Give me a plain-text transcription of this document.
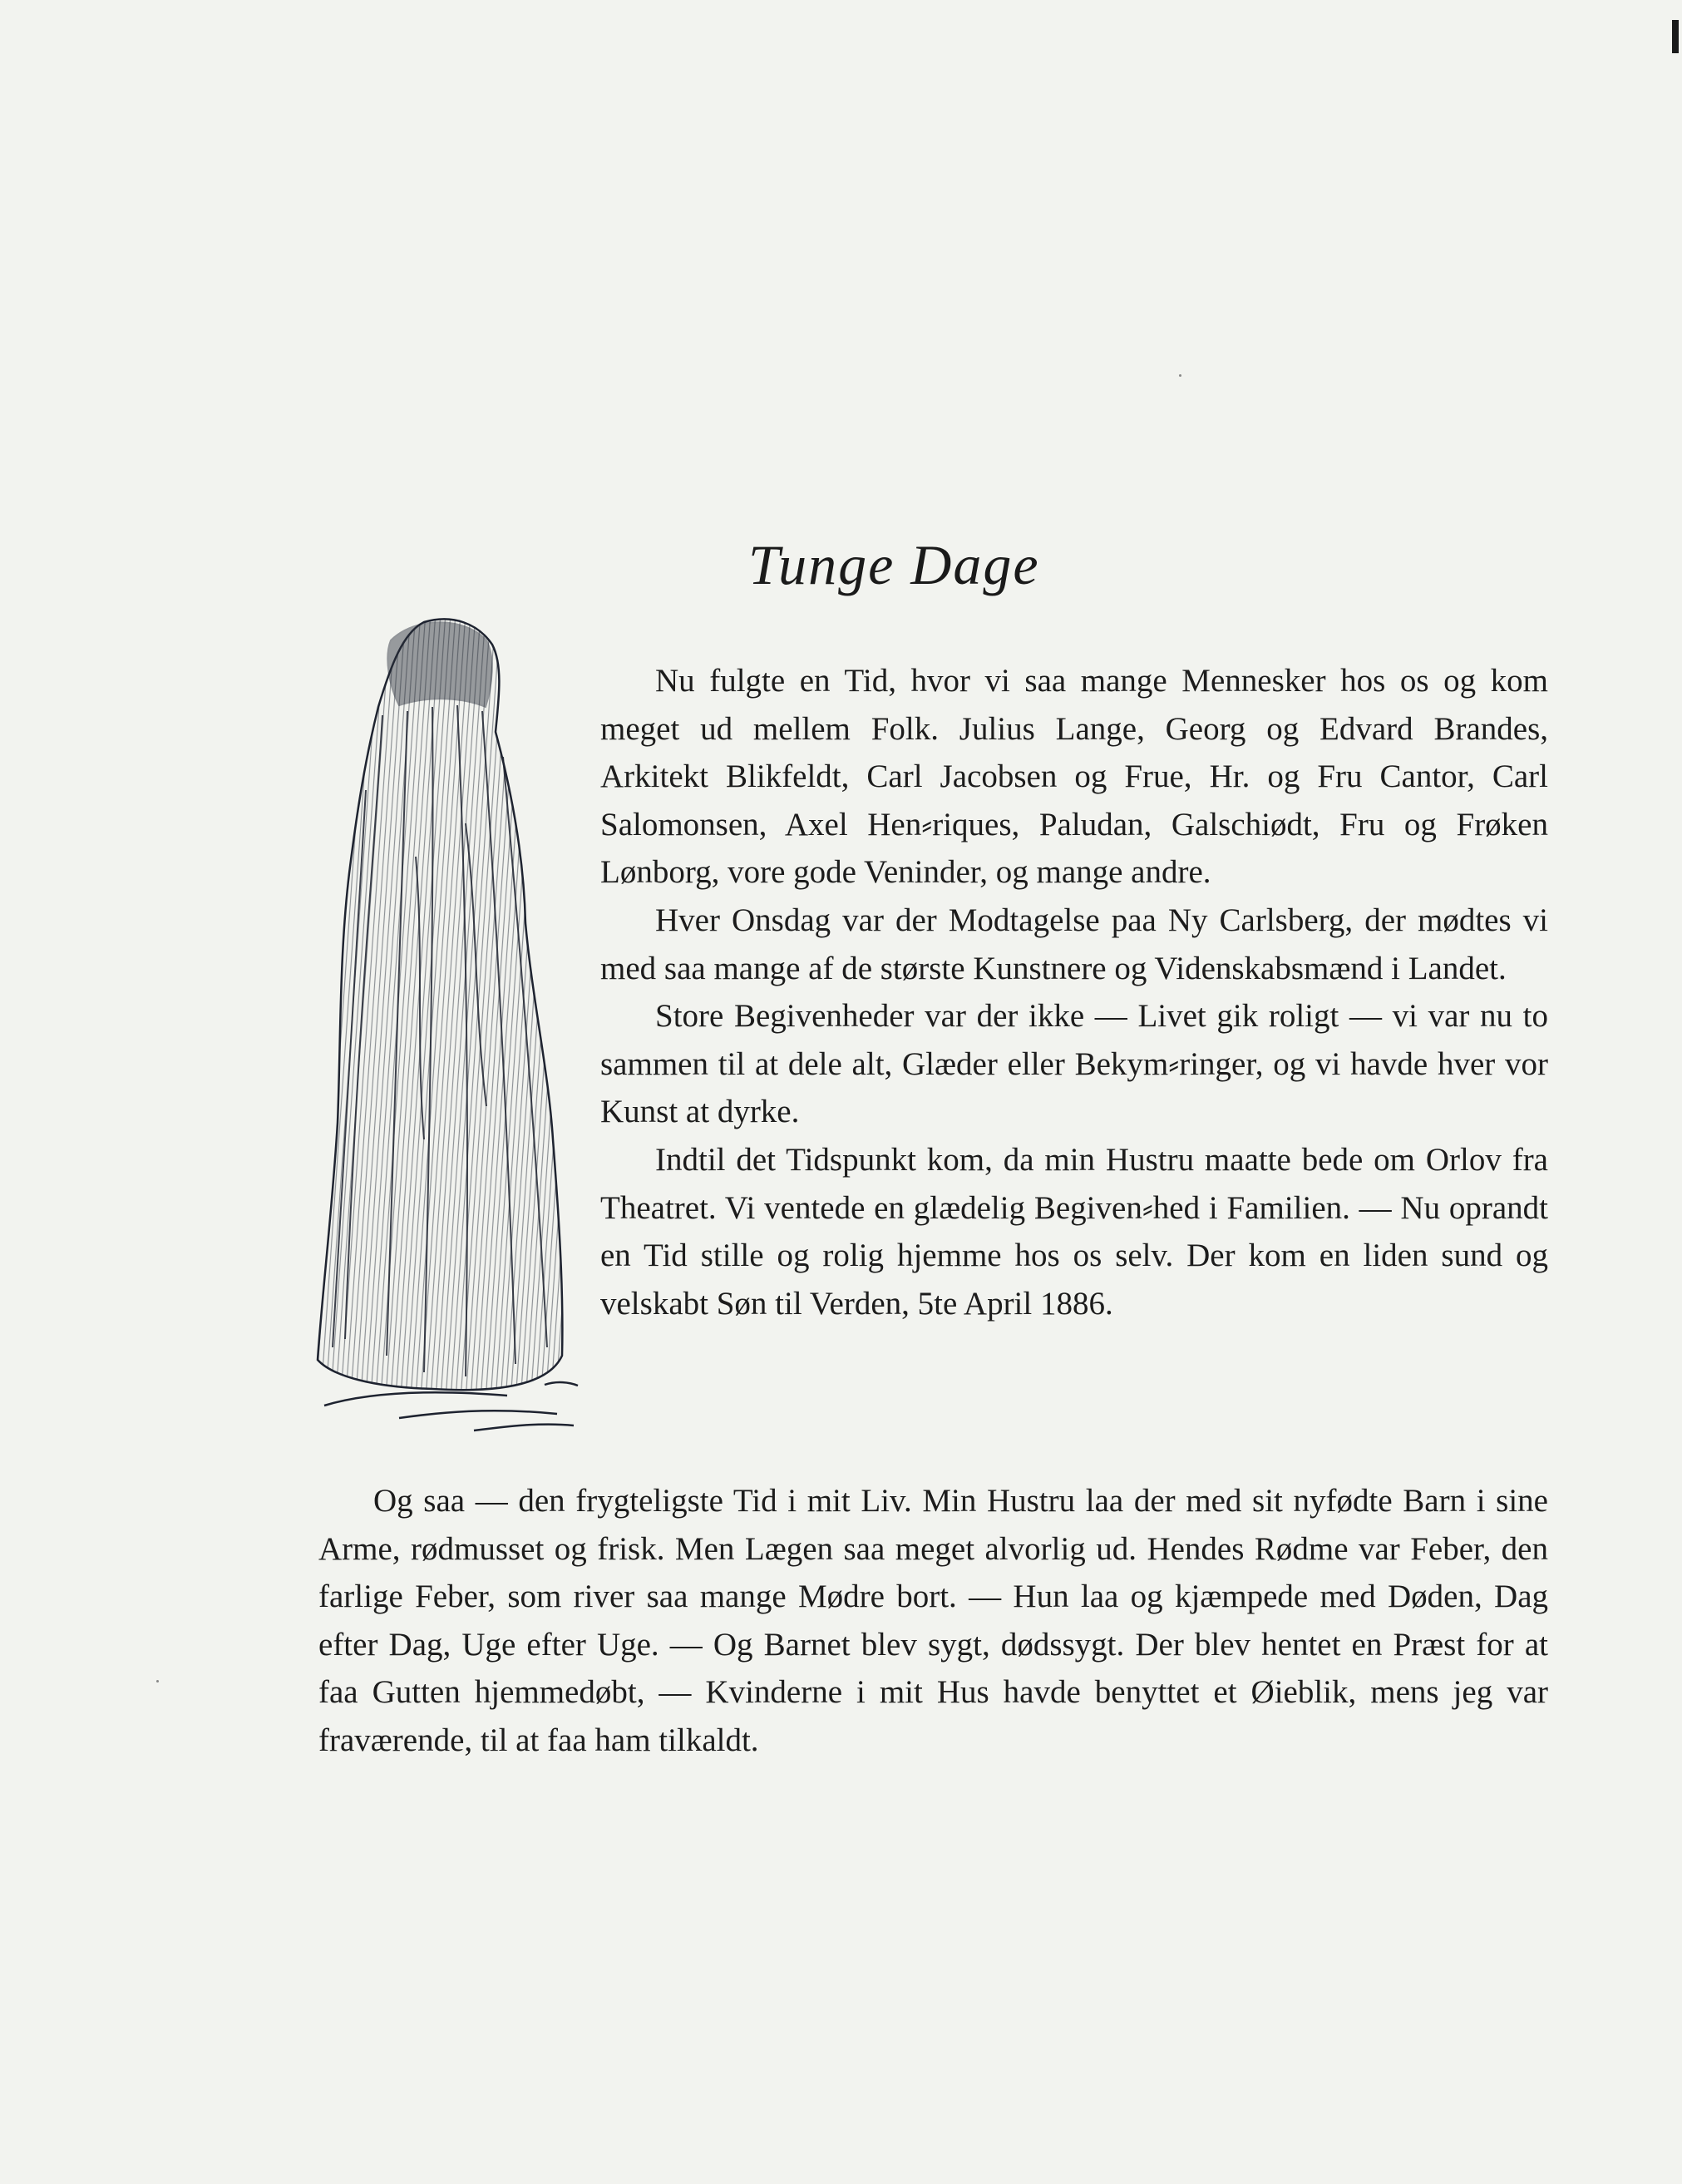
Tunge Dage

Nu fulgte en Tid, hvor vi saa mange Mennesker hos os og kom meget ud mellem Folk. Julius Lange, Georg og Edvard Brandes, Arkitekt Blikfeldt, Carl Jacobsen og Frue, Hr. og Fru Cantor, Carl Salomonsen, Axel Hen⸗riques, Paludan, Galschiødt, Fru og Frøken Lønborg, vore gode Veninder, og mange andre.

Hver Onsdag var der Modtagelse paa Ny Carlsberg, der mødtes vi med saa mange af de største Kunstnere og Videnskabsmænd i Landet.

Store Begivenheder var der ikke — Livet gik roligt — vi var nu to sammen til at dele alt, Glæder eller Bekym⸗ringer, og vi havde hver vor Kunst at dyrke.

Indtil det Tidspunkt kom, da min Hustru maatte bede om Orlov fra Theatret. Vi ventede en glædelig Begiven⸗hed i Familien. — Nu oprandt en Tid stille og rolig hjemme hos os selv. Der kom en liden sund og velskabt Søn til Verden, 5te April 1886.

Og saa — den frygteligste Tid i mit Liv. Min Hustru laa der med sit nyfødte Barn i sine Arme, rødmusset og frisk. Men Lægen saa meget alvorlig ud. Hendes Rødme var Feber, den farlige Feber, som river saa mange Mødre bort. — Hun laa og kjæmpede med Døden, Dag efter Dag, Uge efter Uge. — Og Barnet blev sygt, dødssygt. Der blev hentet en Præst for at faa Gutten hjemmedøbt, — Kvinderne i mit Hus havde benyttet et Øieblik, mens jeg var fraværende, til at faa ham tilkaldt.
